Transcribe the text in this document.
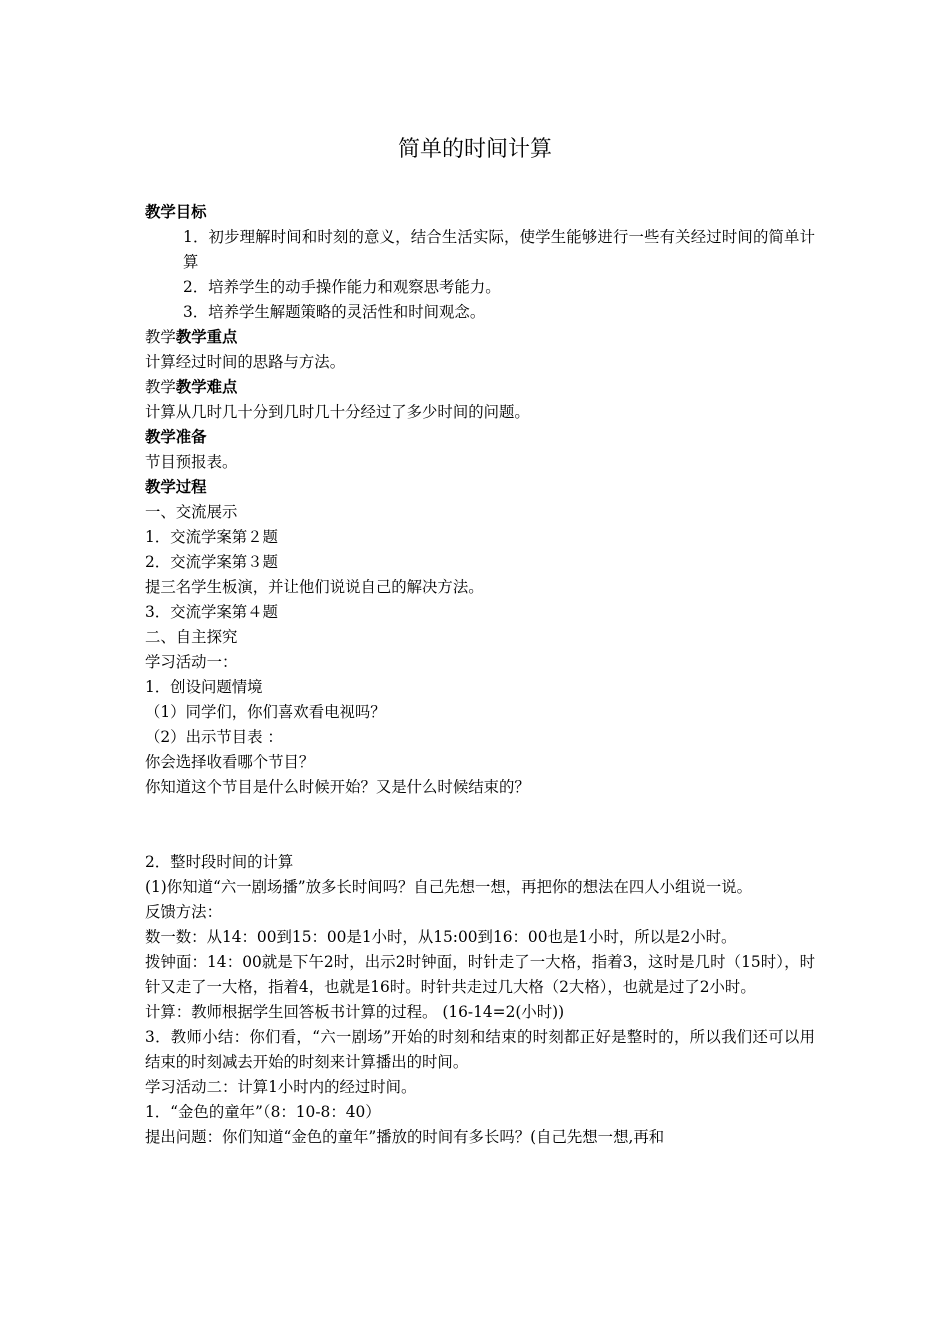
简单的时间计算

教学目标

1．初步理解时间和时刻的意义，结合生活实际，使学生能够进行一些有关经过时间的简单计算

2．培养学生的动手操作能力和观察思考能力。

3．培养学生解题策略的灵活性和时间观念。

教学教学重点

计算经过时间的思路与方法。

教学教学难点

计算从几时几十分到几时几十分经过了多少时间的问题。

教学准备

节目预报表。

教学过程

一、交流展示

1．交流学案第２题

2．交流学案第３题

提三名学生板演，并让他们说说自己的解决方法。

3．交流学案第４题

二、自主探究

学习活动一：

1．创设问题情境

（1）同学们，你们喜欢看电视吗？

（2）出示节目表 ：

你会选择收看哪个节目？

你知道这个节目是什么时候开始？又是什么时候结束的？

2．整时段时间的计算

(1)你知道“六一剧场播”放多长时间吗？自己先想一想，再把你的想法在四人小组说一说。

反馈方法：

数一数：从14：00到15：00是1小时，从15:00到16：00也是1小时，所以是2小时。

拨钟面：14：00就是下午2时，出示2时钟面，时针走了一大格，指着3，这时是几时（15时），时针又走了一大格，指着4，也就是16时。时针共走过几大格（2大格），也就是过了2小时。

计算：教师根据学生回答板书计算的过程。 (16-14=2(小时))

3．教师小结：你们看，“六一剧场”开始的时刻和结束的时刻都正好是整时的，所以我们还可以用结束的时刻减去开始的时刻来计算播出的时间。

学习活动二：计算1小时内的经过时间。

1．“金色的童年”（8：10-8：40）

提出问题：你们知道“金色的童年”播放的时间有多长吗？(自己先想一想,再和
